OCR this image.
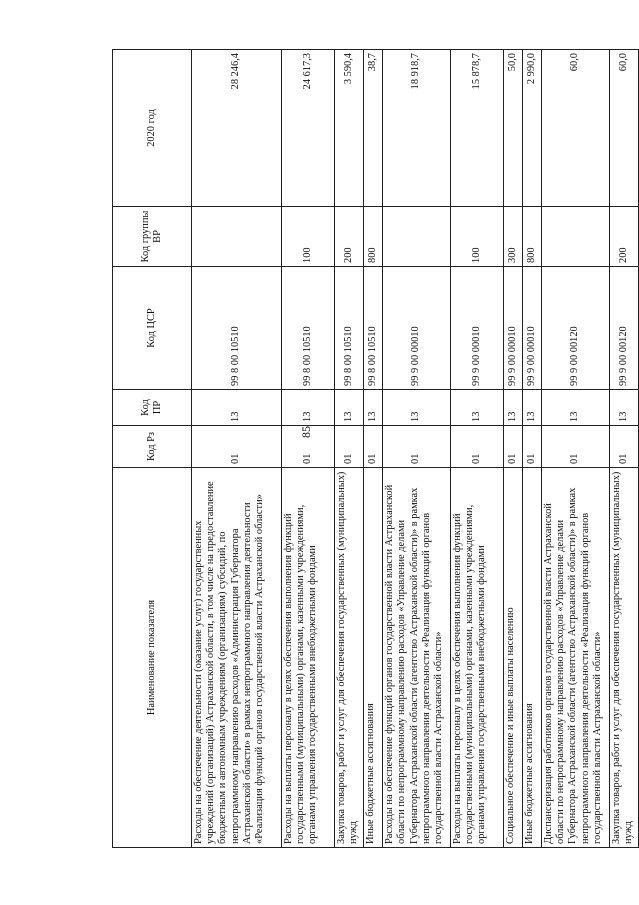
85
Наименование показателя	Код Рз	Код ПР	Код ЦСР	Код группы ВР	2020 год
Расходы на обеспечение деятельности (оказание услуг) государственных учреждений (организаций) Астраханской области, в том числе на предоставление бюджетным и автономным учреждениям (организациям) субсидий, по непрограммному направлению расходов «Администрация Губернатора Астраханской области» в рамках непрограммного направления деятельности «Реализация функций органов государственной власти Астраханской области»	01	13	99 8 00 10510		28 246,4
Расходы на выплаты персоналу в целях обеспечения выполнения функций государственными (муниципальными) органами, казенными учреждениями, органами управления государственными внебюджетными фондами	01	13	99 8 00 10510	100	24 617,3
Закупка товаров, работ и услуг для обеспечения государственных (муниципальных) нужд	01	13	99 8 00 10510	200	3 590,4
Иные бюджетные ассигнования	01	13	99 8 00 10510	800	38,7
Расходы на обеспечение функций органов государственной власти Астраханской области по непрограммному направлению расходов «Управление делами Губернатора Астраханской области (агентство Астраханской области)» в рамках непрограммного направления деятельности «Реализация функций органов государственной власти Астраханской области»	01	13	99 9 00 00010		18 918,7
Расходы на выплаты персоналу в целях обеспечения выполнения функций государственными (муниципальными) органами, казенными учреждениями, органами управления государственными внебюджетными фондами	01	13	99 9 00 00010	100	15 878,7
Социальное обеспечение и иные выплаты населению	01	13	99 9 00 00010	300	50,0
Иные бюджетные ассигнования	01	13	99 9 00 00010	800	2 990,0
Диспансеризация работников органов государственной власти Астраханской области по непрограммному направлению расходов «Управление делами Губернатора Астраханской области (агентство Астраханской области)» в рамках непрограммного направления деятельности «Реализация функций органов государственной власти Астраханской области»	01	13	99 9 00 00120		60,0
Закупка товаров, работ и услуг для обеспечения государственных (муниципальных) нужд	01	13	99 9 00 00120	200	60,0
